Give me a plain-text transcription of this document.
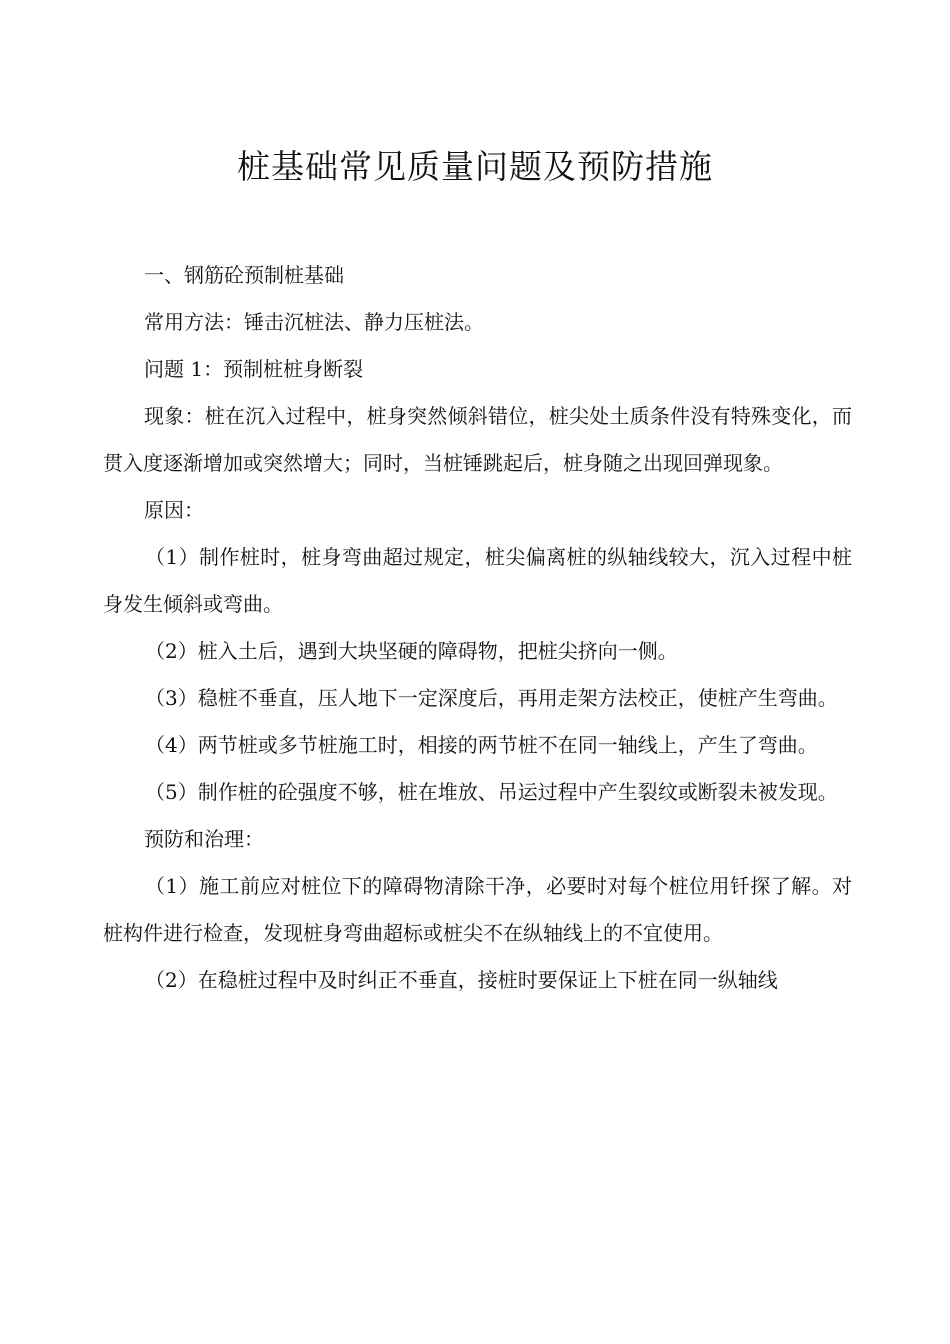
桩基础常见质量问题及预防措施

一、钢筋砼预制桩基础

常用方法：锤击沉桩法、静力压桩法。

问题 1：预制桩桩身断裂

现象：桩在沉入过程中，桩身突然倾斜错位，桩尖处土质条件没有特殊变化，而贯入度逐渐增加或突然增大；同时，当桩锤跳起后，桩身随之出现回弹现象。

原因：

（1）制作桩时，桩身弯曲超过规定，桩尖偏离桩的纵轴线较大，沉入过程中桩身发生倾斜或弯曲。

（2）桩入土后，遇到大块坚硬的障碍物，把桩尖挤向一侧。

（3）稳桩不垂直，压人地下一定深度后，再用走架方法校正，使桩产生弯曲。

（4）两节桩或多节桩施工时，相接的两节桩不在同一轴线上，产生了弯曲。

（5）制作桩的砼强度不够，桩在堆放、吊运过程中产生裂纹或断裂未被发现。

预防和治理：

（1）施工前应对桩位下的障碍物清除干净，必要时对每个桩位用钎探了解。对桩构件进行检查，发现桩身弯曲超标或桩尖不在纵轴线上的不宜使用。

（2）在稳桩过程中及时纠正不垂直，接桩时要保证上下桩在同一纵轴线
